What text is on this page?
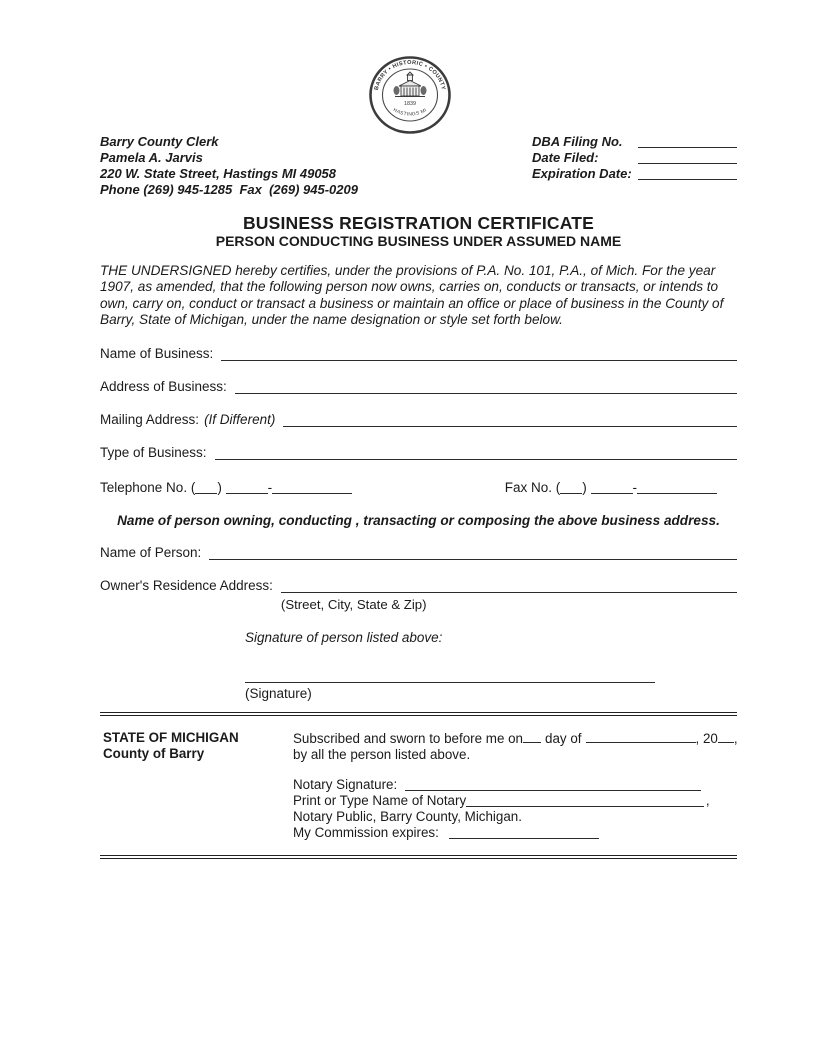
BARRY • HISTORIC • COUNTY
HASTINGS MI
1839
Barry County Clerk
Pamela A. Jarvis
220 W. State Street, Hastings MI 49058
Phone (269) 945-1285  Fax  (269) 945-0209
DBA Filing No.
Date Filed:
Expiration Date:
BUSINESS REGISTRATION CERTIFICATE
PERSON CONDUCTING BUSINESS UNDER ASSUMED NAME

THE UNDERSIGNED hereby certifies, under the provisions of P.A. No. 101, P.A., of Mich. For the year 1907, as amended, that the following person now owns, carries on, conducts or transacts, or intends to own, carry on, conduct or transact a business or maintain an office or place of business in the County of Barry, State of Michigan, under the name designation or style set forth below.

Name of Business:
Address of Business:
Mailing Address: (If Different)
Type of Business:
Telephone No. ( )	-	Fax No. ( )	-
Name of person owning, conducting , transacting or composing the above business address.
Name of Person:
Owner's Residence Address:
(Street, City, State & Zip)
Signature of person listed above:
(Signature)
STATE OF MICHIGAN
County of Barry
Subscribed and sworn to before me on day of	, 20 ,
by all the person listed above.
Notary Signature:
Print or Type Name of Notary	,
Notary Public, Barry County, Michigan.
My Commission expires:
